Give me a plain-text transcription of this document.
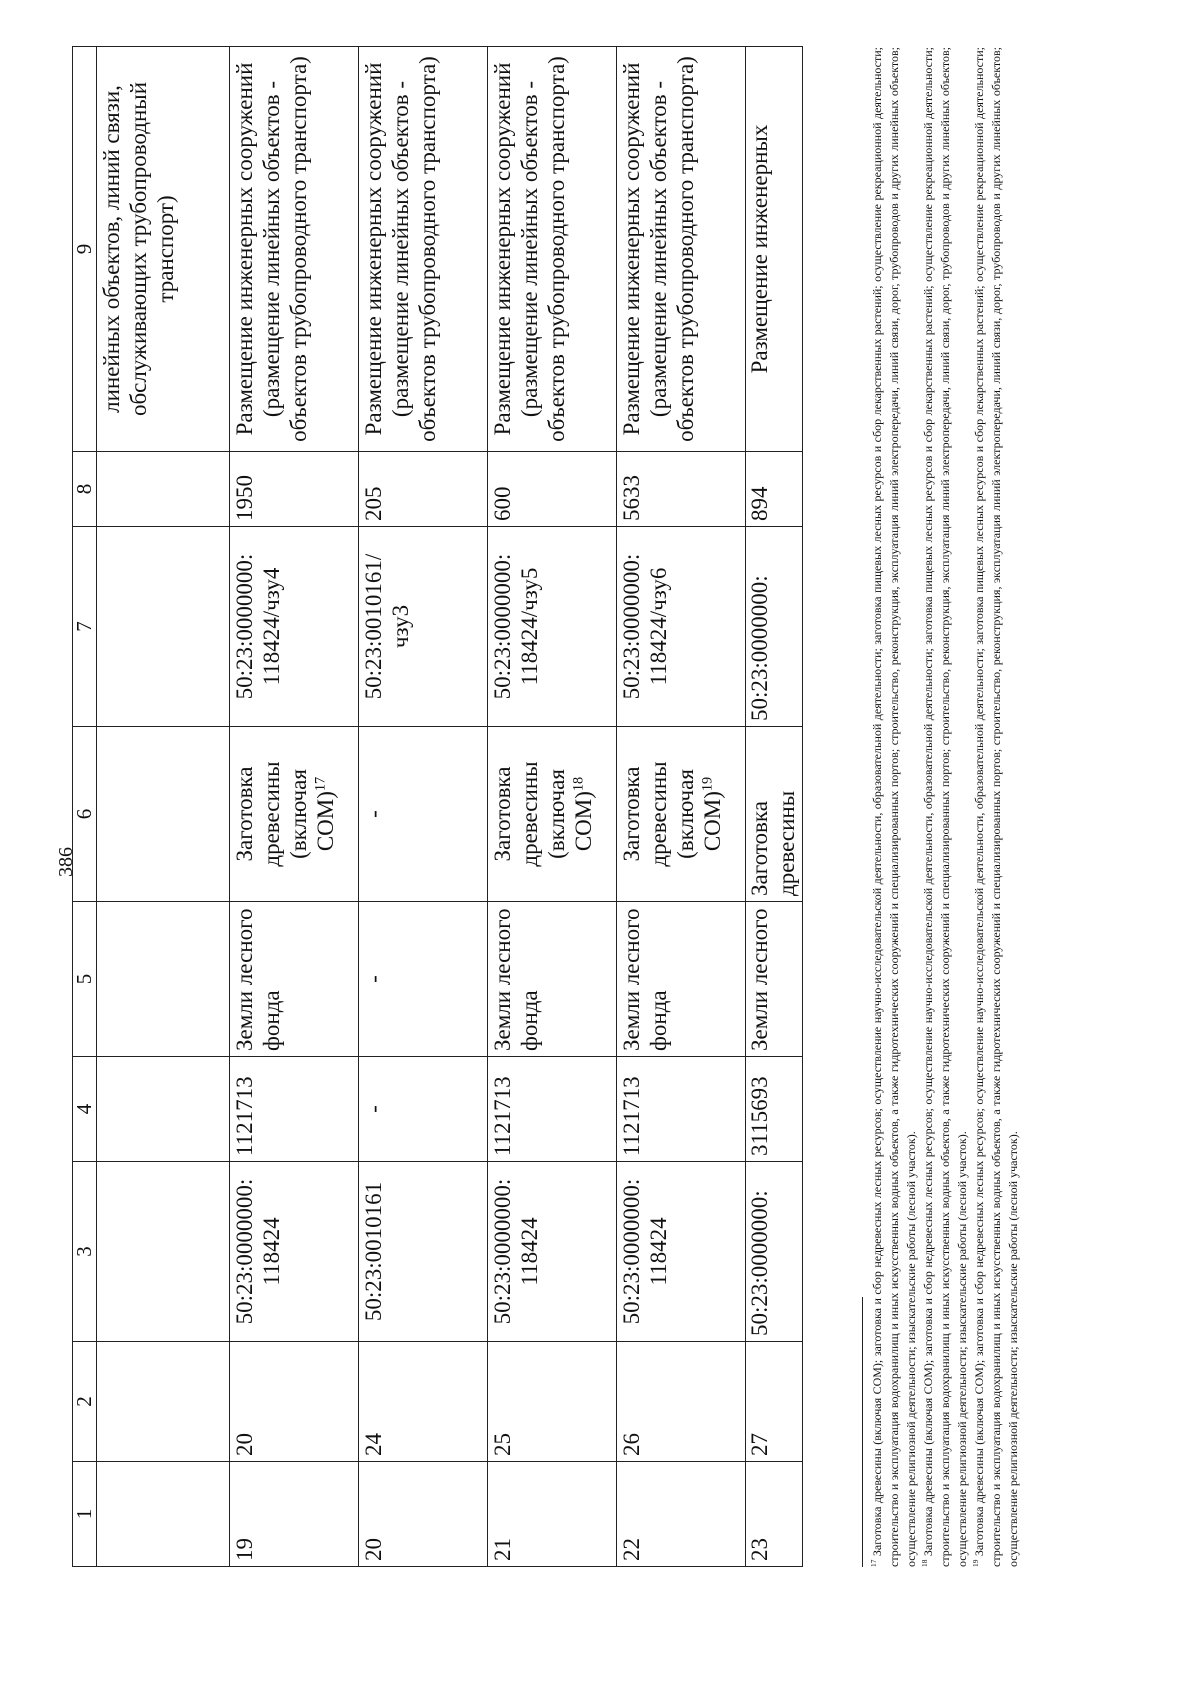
386
1	2	3	4	5	6	7	8	9
								линейных объектов, линий связи, обслуживающих трубопроводный транспорт)
19	20	50:23:0000000: 118424	1121713	Земли лесного фонда	Заготовка древесины (включая СОМ)$^{17}$	50:23:0000000: 118424/чзу4	1950	Размещение инженерных сооружений (размещение линейных объектов - объектов трубопроводного транспорта)
20	24	50:23:0010161	-	-	-	50:23:0010161/ чзу3	205	Размещение инженерных сооружений (размещение линейных объектов - объектов трубопроводного транспорта)
21	25	50:23:0000000: 118424	1121713	Земли лесного фонда	Заготовка древесины (включая СОМ)$^{18}$	50:23:0000000: 118424/чзу5	600	Размещение инженерных сооружений (размещение линейных объектов - объектов трубопроводного транспорта)
22	26	50:23:0000000: 118424	1121713	Земли лесного фонда	Заготовка древесины (включая СОМ)$^{19}$	50:23:0000000: 118424/чзу6	5633	Размещение инженерных сооружений (размещение линейных объектов - объектов трубопроводного транспорта)
23	27	50:23:0000000:	3115693	Земли лесного	Заготовка древесины	50:23:0000000:	894	Размещение инженерных

$^{17}$ Заготовка древесины (включая СОМ); заготовка и сбор недревесных лесных ресурсов; осуществление научно-исследовательской деятельности, образовательной деятельности; заготовка пищевых лесных ресурсов и сбор лекарственных растений; осуществление рекреационной деятельности; строительство и эксплуатация водохранилищ и иных искусственных водных объектов, а также гидротехнических сооружений и специализированных портов; строительство, реконструкция, эксплуатация линий электропередачи, линий связи, дорог, трубопроводов и других линейных объектов; осуществление религиозной деятельности; изыскательские работы (лесной участок). $^{18}$ Заготовка древесины (включая СОМ); заготовка и сбор недревесных лесных ресурсов; осуществление научно-исследовательской деятельности, образовательной деятельности; заготовка пищевых лесных ресурсов и сбор лекарственных растений; осуществление рекреационной деятельности; строительство и эксплуатация водохранилищ и иных искусственных водных объектов, а также гидротехнических сооружений и специализированных портов; строительство, реконструкция, эксплуатация линий электропередачи, линий связи, дорог, трубопроводов и других линейных объектов; осуществление религиозной деятельности; изыскательские работы (лесной участок). $^{19}$ Заготовка древесины (включая СОМ); заготовка и сбор недревесных лесных ресурсов; осуществление научно-исследовательской деятельности, образовательной деятельности; заготовка пищевых лесных ресурсов и сбор лекарственных растений; осуществление рекреационной деятельности; строительство и эксплуатация водохранилищ и иных искусственных водных объектов, а также гидротехнических сооружений и специализированных портов; строительство, реконструкция, эксплуатация линий электропередачи, линий связи, дорог, трубопроводов и других линейных объектов; осуществление религиозной деятельности; изыскательские работы (лесной участок).
